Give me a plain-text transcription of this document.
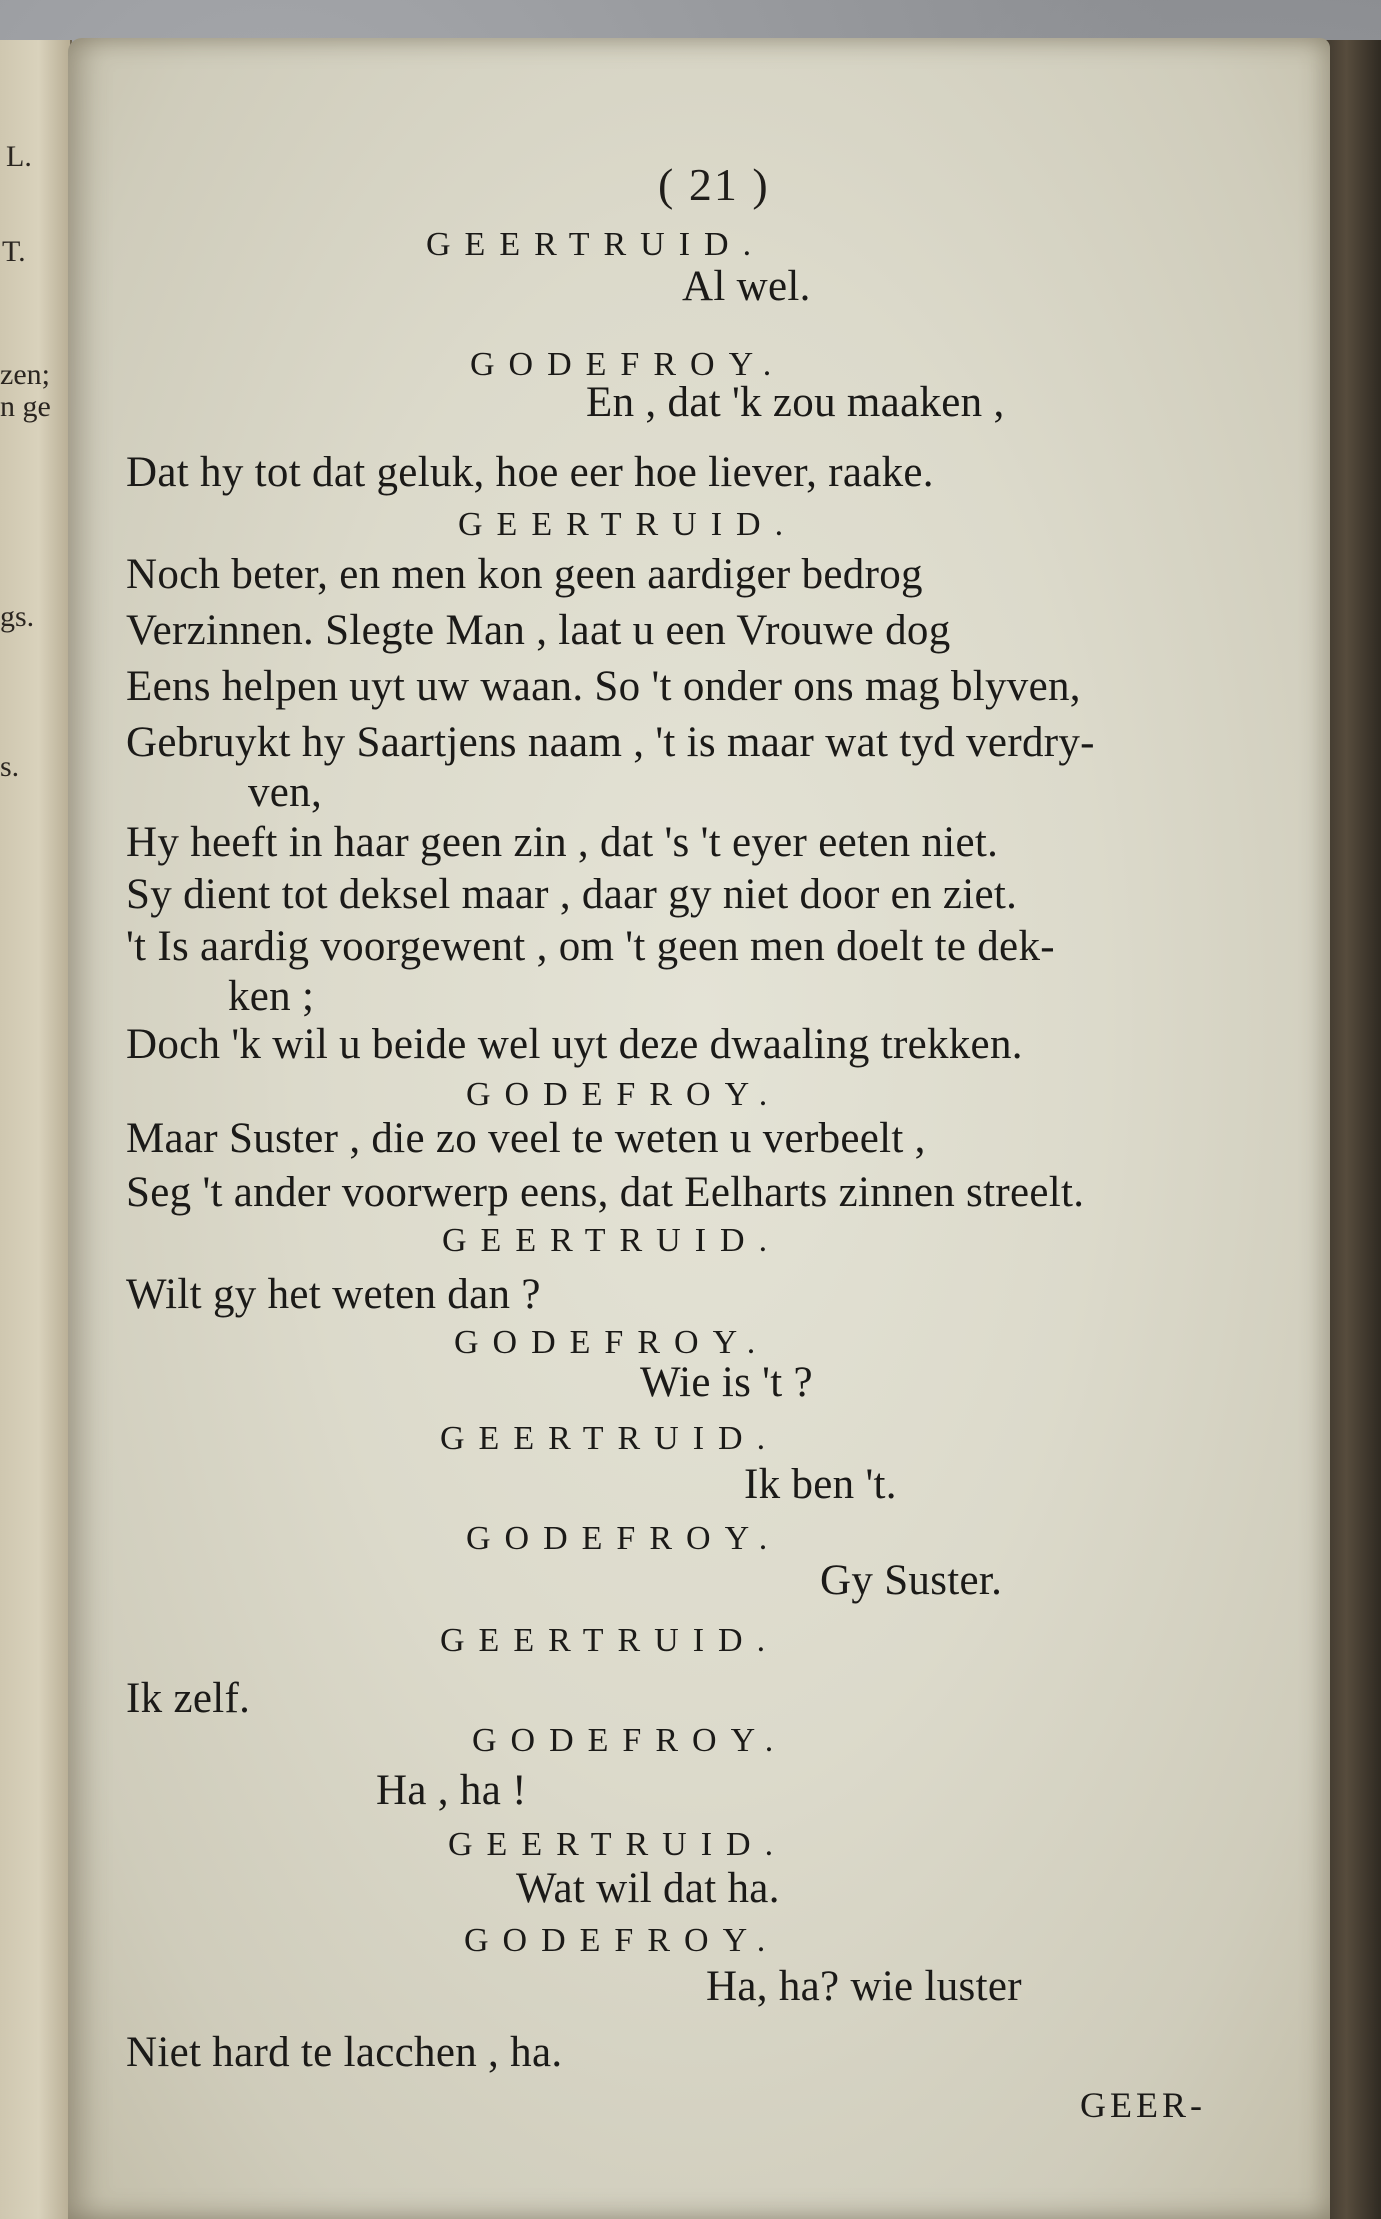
L.
T.
zen;
n ge
gs.
s.
( 21 )
GEERTRUID.
Al wel.
GODEFROY.
En , dat 'k zou maaken ,
Dat hy tot dat geluk, hoe eer hoe liever, raake.
GEERTRUID.
Noch beter, en men kon geen aardiger bedrog
Verzinnen. Slegte Man , laat u een Vrouwe dog
Eens helpen uyt uw waan. So 't onder ons mag blyven,
Gebruykt hy Saartjens naam , 't is maar wat tyd verdry-
ven,
Hy heeft in haar geen zin , dat 's 't eyer eeten niet.
Sy dient tot deksel maar , daar gy niet door en ziet.
't Is aardig voorgewent , om 't geen men doelt te dek-
ken ;
Doch 'k wil u beide wel uyt deze dwaaling trekken.
GODEFROY.
Maar Suster , die zo veel te weten u verbeelt ,
Seg 't ander voorwerp eens, dat Eelharts zinnen streelt.
GEERTRUID.
Wilt gy het weten dan ?
GODEFROY.
Wie is 't ?
GEERTRUID.
Ik ben 't.
GODEFROY.
Gy Suster.
GEERTRUID.
Ik zelf.
GODEFROY.
Ha , ha !
GEERTRUID.
Wat wil dat ha.
GODEFROY.
Ha, ha? wie luster
Niet hard te lacchen , ha.
GEER-
